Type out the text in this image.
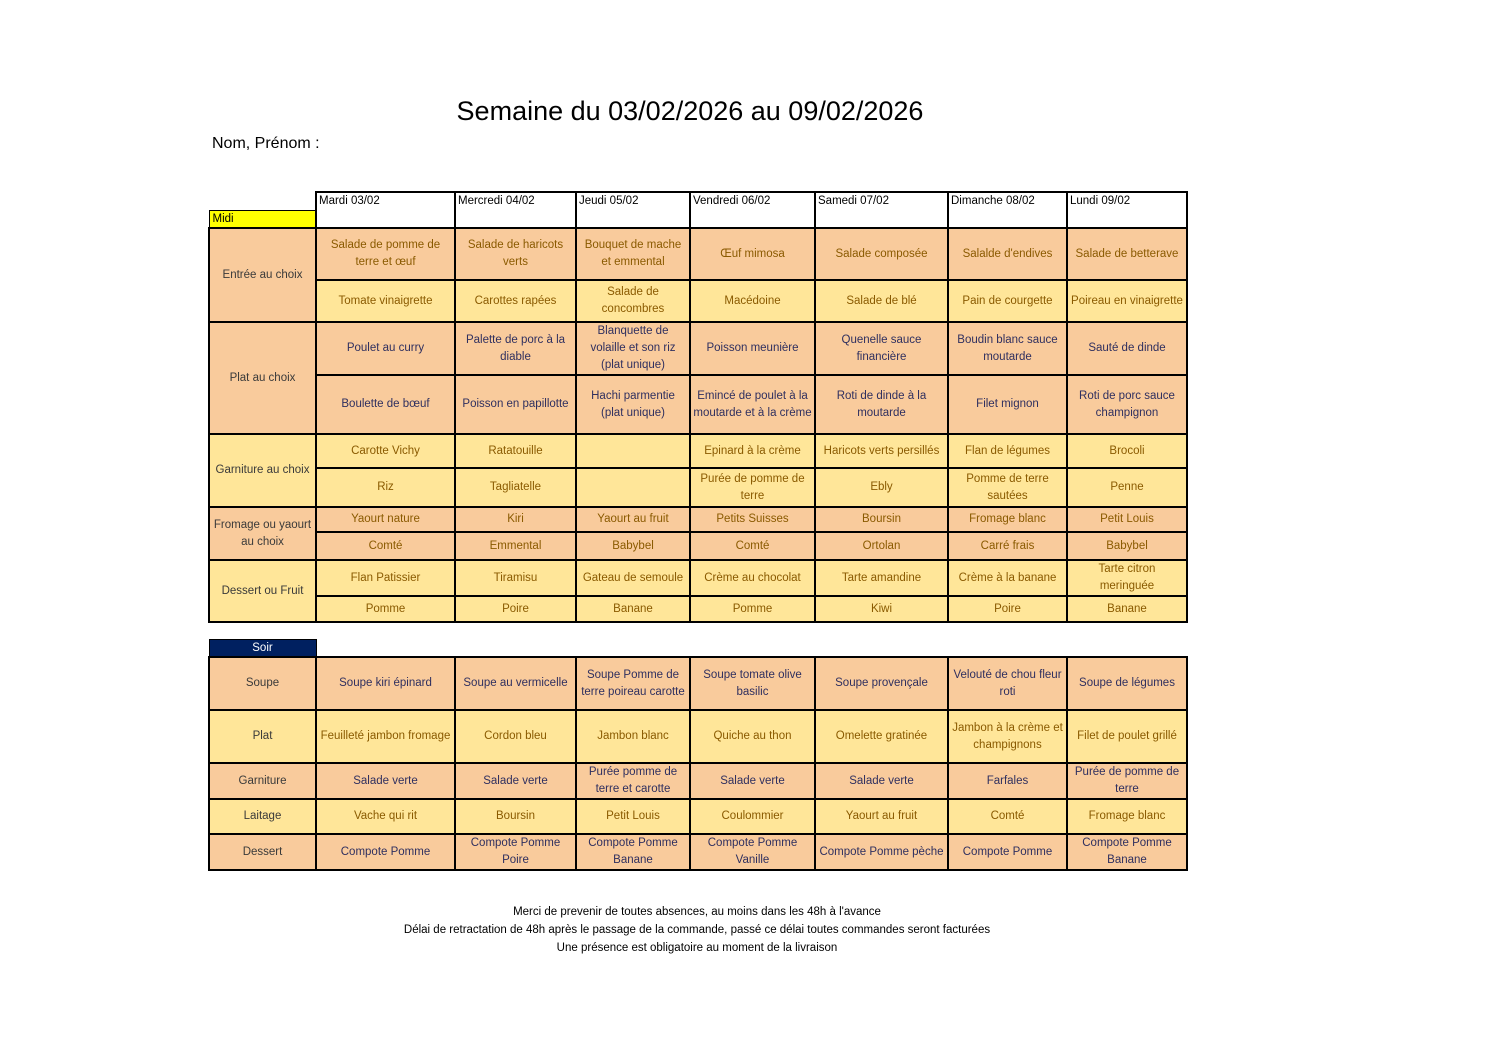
Semaine du 03/02/2026 au 09/02/2026
Nom, Prénom :
	Mardi 03/02	Mercredi 04/02	Jeudi 05/02	Vendredi 06/02	Samedi 07/02	Dimanche 08/02	Lundi 09/02
Midi							
Entrée au choix	Salade de pomme de terre et œuf	Salade de haricots verts	Bouquet de mache et emmental	Œuf mimosa	Salade composée	Salalde d'endives	Salade de betterave
	Tomate vinaigrette	Carottes rapées	Salade de concombres	Macédoine	Salade de blé	Pain de courgette	Poireau en vinaigrette
Plat au choix	Poulet au curry	Palette de porc à la diable	Blanquette de volaille et son riz (plat unique)	Poisson meunière	Quenelle sauce financière	Boudin blanc sauce moutarde	Sauté de dinde
	Boulette de bœuf	Poisson en papillotte	Hachi parmentie (plat unique)	Emincé de poulet à la moutarde et à la crème	Roti de dinde à la moutarde	Filet mignon	Roti de porc sauce champignon
Garniture au choix	Carotte Vichy	Ratatouille		Epinard à la crème	Haricots verts persillés	Flan de légumes	Brocoli
	Riz	Tagliatelle		Purée de pomme de terre	Ebly	Pomme de terre sautées	Penne
Fromage ou yaourt au choix	Yaourt nature	Kiri	Yaourt au fruit	Petits Suisses	Boursin	Fromage blanc	Petit Louis
	Comté	Emmental	Babybel	Comté	Ortolan	Carré frais	Babybel
Dessert ou Fruit	Flan Patissier	Tiramisu	Gateau de semoule	Crème au chocolat	Tarte amandine	Crème à la banane	Tarte citron meringuée
	Pomme	Poire	Banane	Pomme	Kiwi	Poire	Banane

Soir							
Soupe	Soupe kiri épinard	Soupe au vermicelle	Soupe Pomme de terre poireau carotte	Soupe tomate olive basilic	Soupe provençale	Velouté de chou fleur roti	Soupe de légumes
Plat	Feuilleté jambon fromage	Cordon bleu	Jambon blanc	Quiche au thon	Omelette gratinée	Jambon à la crème et champignons	Filet de poulet grillé
Garniture	Salade verte	Salade verte	Purée pomme de terre et carotte	Salade verte	Salade verte	Farfales	Purée de pomme de terre
Laitage	Vache qui rit	Boursin	Petit Louis	Coulommier	Yaourt au fruit	Comté	Fromage blanc
Dessert	Compote Pomme	Compote Pomme Poire	Compote Pomme Banane	Compote Pomme Vanille	Compote Pomme pèche	Compote Pomme	Compote Pomme Banane
Merci de prevenir de toutes absences, au moins dans les 48h à l'avance
Délai de retractation de 48h après le passage de la commande, passé ce délai toutes commandes seront facturées
Une présence est obligatoire au moment de la livraison
